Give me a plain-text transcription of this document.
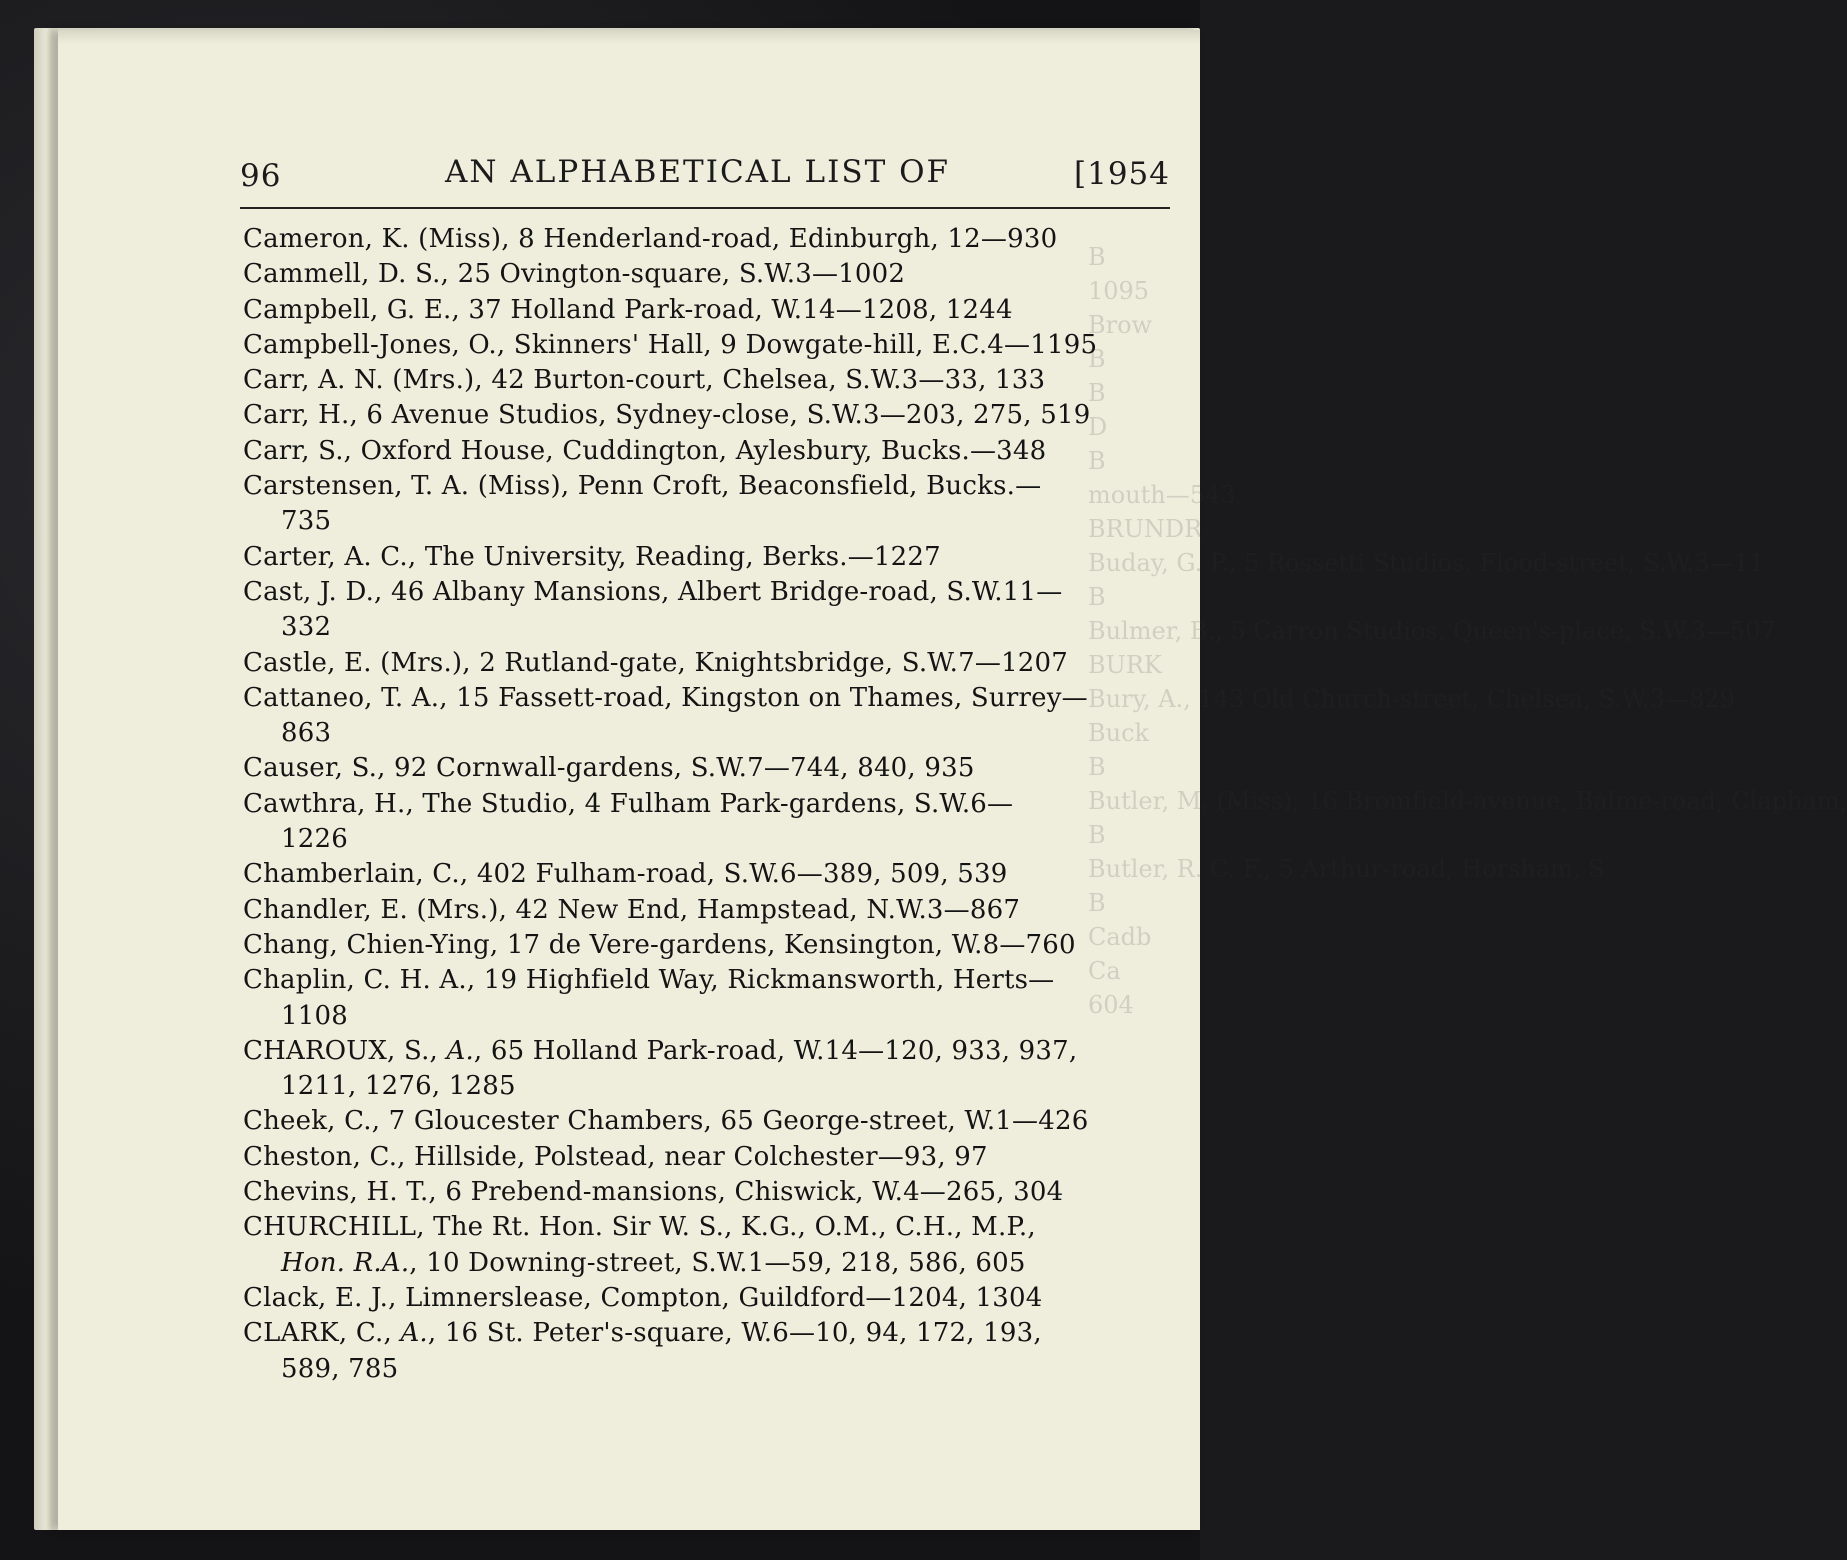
B
1095
Brow
B
B
D
B
mouth—543
BRUNDR
Buday, G. P., 5 Rossetti Studios, Flood-street, S.W.3—11
B
Bulmer, B., 5 Carron Studios, Queen's-place, S.W.3—507
BURK
Bury, A., 143 Old Church-street, Chelsea, S.W.3—829
Buck
B
Butler, M. (Miss), 16 Bromfield-avenue, Balme-road, Clapham,
B
Butler, R. C. F., 5 Arthur-road, Horsham, S
B
Cadb
Ca
604
96	AN ALPHABETICAL LIST OF	[1954
Cameron, K. (Miss), 8 Henderland-road, Edinburgh, 12—930
Cammell, D. S., 25 Ovington-square, S.W.3—1002
Campbell, G. E., 37 Holland Park-road, W.14—1208, 1244
Campbell-Jones, O., Skinners' Hall, 9 Dowgate-hill, E.C.4—1195
Carr, A. N. (Mrs.), 42 Burton-court, Chelsea, S.W.3—33, 133
Carr, H., 6 Avenue Studios, Sydney-close, S.W.3—203, 275, 519
Carr, S., Oxford House, Cuddington, Aylesbury, Bucks.—348
Carstensen, T. A. (Miss), Penn Croft, Beaconsfield, Bucks.—
735
Carter, A. C., The University, Reading, Berks.—1227
Cast, J. D., 46 Albany Mansions, Albert Bridge-road, S.W.11—
332
Castle, E. (Mrs.), 2 Rutland-gate, Knightsbridge, S.W.7—1207
Cattaneo, T. A., 15 Fassett-road, Kingston on Thames, Surrey—
863
Causer, S., 92 Cornwall-gardens, S.W.7—744, 840, 935
Cawthra, H., The Studio, 4 Fulham Park-gardens, S.W.6—
1226
Chamberlain, C., 402 Fulham-road, S.W.6—389, 509, 539
Chandler, E. (Mrs.), 42 New End, Hampstead, N.W.3—867
Chang, Chien-Ying, 17 de Vere-gardens, Kensington, W.8—760
Chaplin, C. H. A., 19 Highfield Way, Rickmansworth, Herts—
1108
CHAROUX, S., A., 65 Holland Park-road, W.14—120, 933, 937,
1211, 1276, 1285
Cheek, C., 7 Gloucester Chambers, 65 George-street, W.1—426
Cheston, C., Hillside, Polstead, near Colchester—93, 97
Chevins, H. T., 6 Prebend-mansions, Chiswick, W.4—265, 304
CHURCHILL, The Rt. Hon. Sir W. S., K.G., O.M., C.H., M.P.,
Hon. R.A., 10 Downing-street, S.W.1—59, 218, 586, 605
Clack, E. J., Limnerslease, Compton, Guildford—1204, 1304
CLARK, C., A., 16 St. Peter's-square, W.6—10, 94, 172, 193,
589, 785
